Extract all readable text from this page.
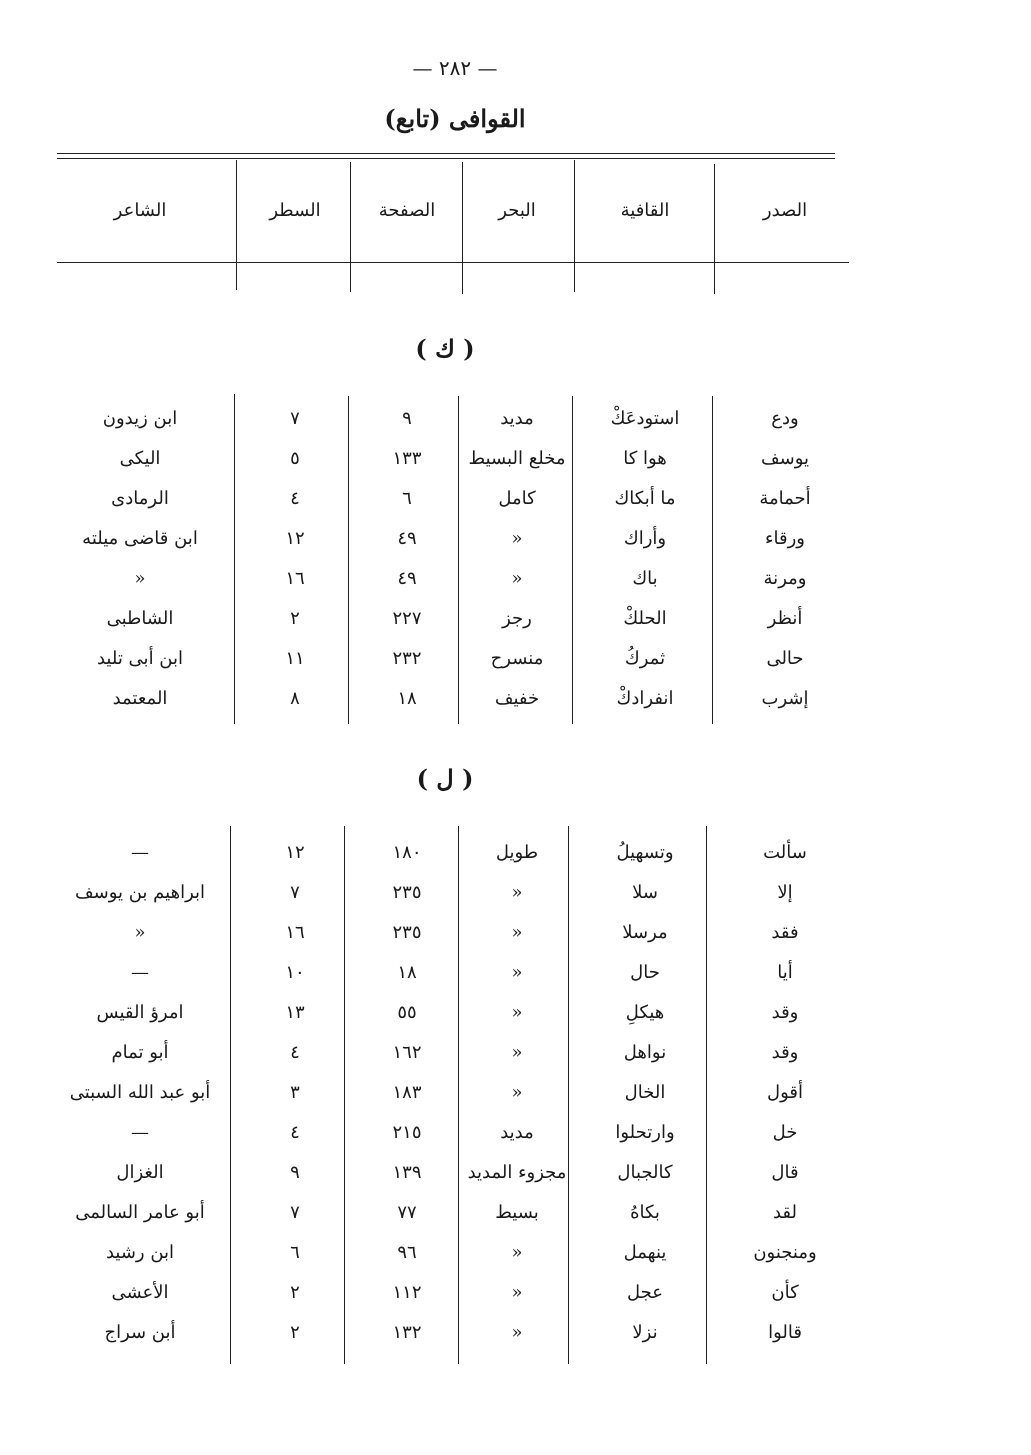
— ٢٨٢ —
(تابع) القوافى
الصدر
القافية
البحر
الصفحة
السطر
الشاعر
( ك )
ودع
استودعَكْ
مديد
٩
٧
ابن زيدون
يوسف
هوا كا
مخلع البسيط
١٣٣
٥
اليكى
أحمامة
ما أبكاك
كامل
٦
٤
الرمادى
ورقاء
وأراك
«
٤٩
١٢
ابن قاضى ميلته
ومرنة
باك
«
٤٩
١٦
«
أنظر
الحلكْ
رجز
٢٢٧
٢
الشاطبى
حالى
ثمركُ
منسرح
٢٣٢
١١
ابن أبى تليد
إشرب
انفرادكْ
خفيف
١٨
٨
المعتمد
( ل )
سألت
وتسهيلُ
طويل
١٨٠
١٢
—
إلا
سلا
«
٢٣٥
٧
ابراهيم بن يوسف
فقد
مرسلا
«
٢٣٥
١٦
«
أيا
حال
«
١٨
١٠
—
وقد
هيكلِ
«
٥٥
١٣
امرؤ القيس
وقد
نواهل
«
١٦٢
٤
أبو تمام
أقول
الخال
«
١٨٣
٣
أبو عبد الله السبتى
خل
وارتحلوا
مديد
٢١٥
٤
—
قال
كالجبال
مجزوء المديد
١٣٩
٩
الغزال
لقد
بكاهُ
بسيط
٧٧
٧
أبو عامر السالمى
ومنجنون
ينهمل
«
٩٦
٦
ابن رشيد
كأن
عجل
«
١١٢
٢
الأعشى
قالوا
نزلا
«
١٣٢
٢
أبن سراج
